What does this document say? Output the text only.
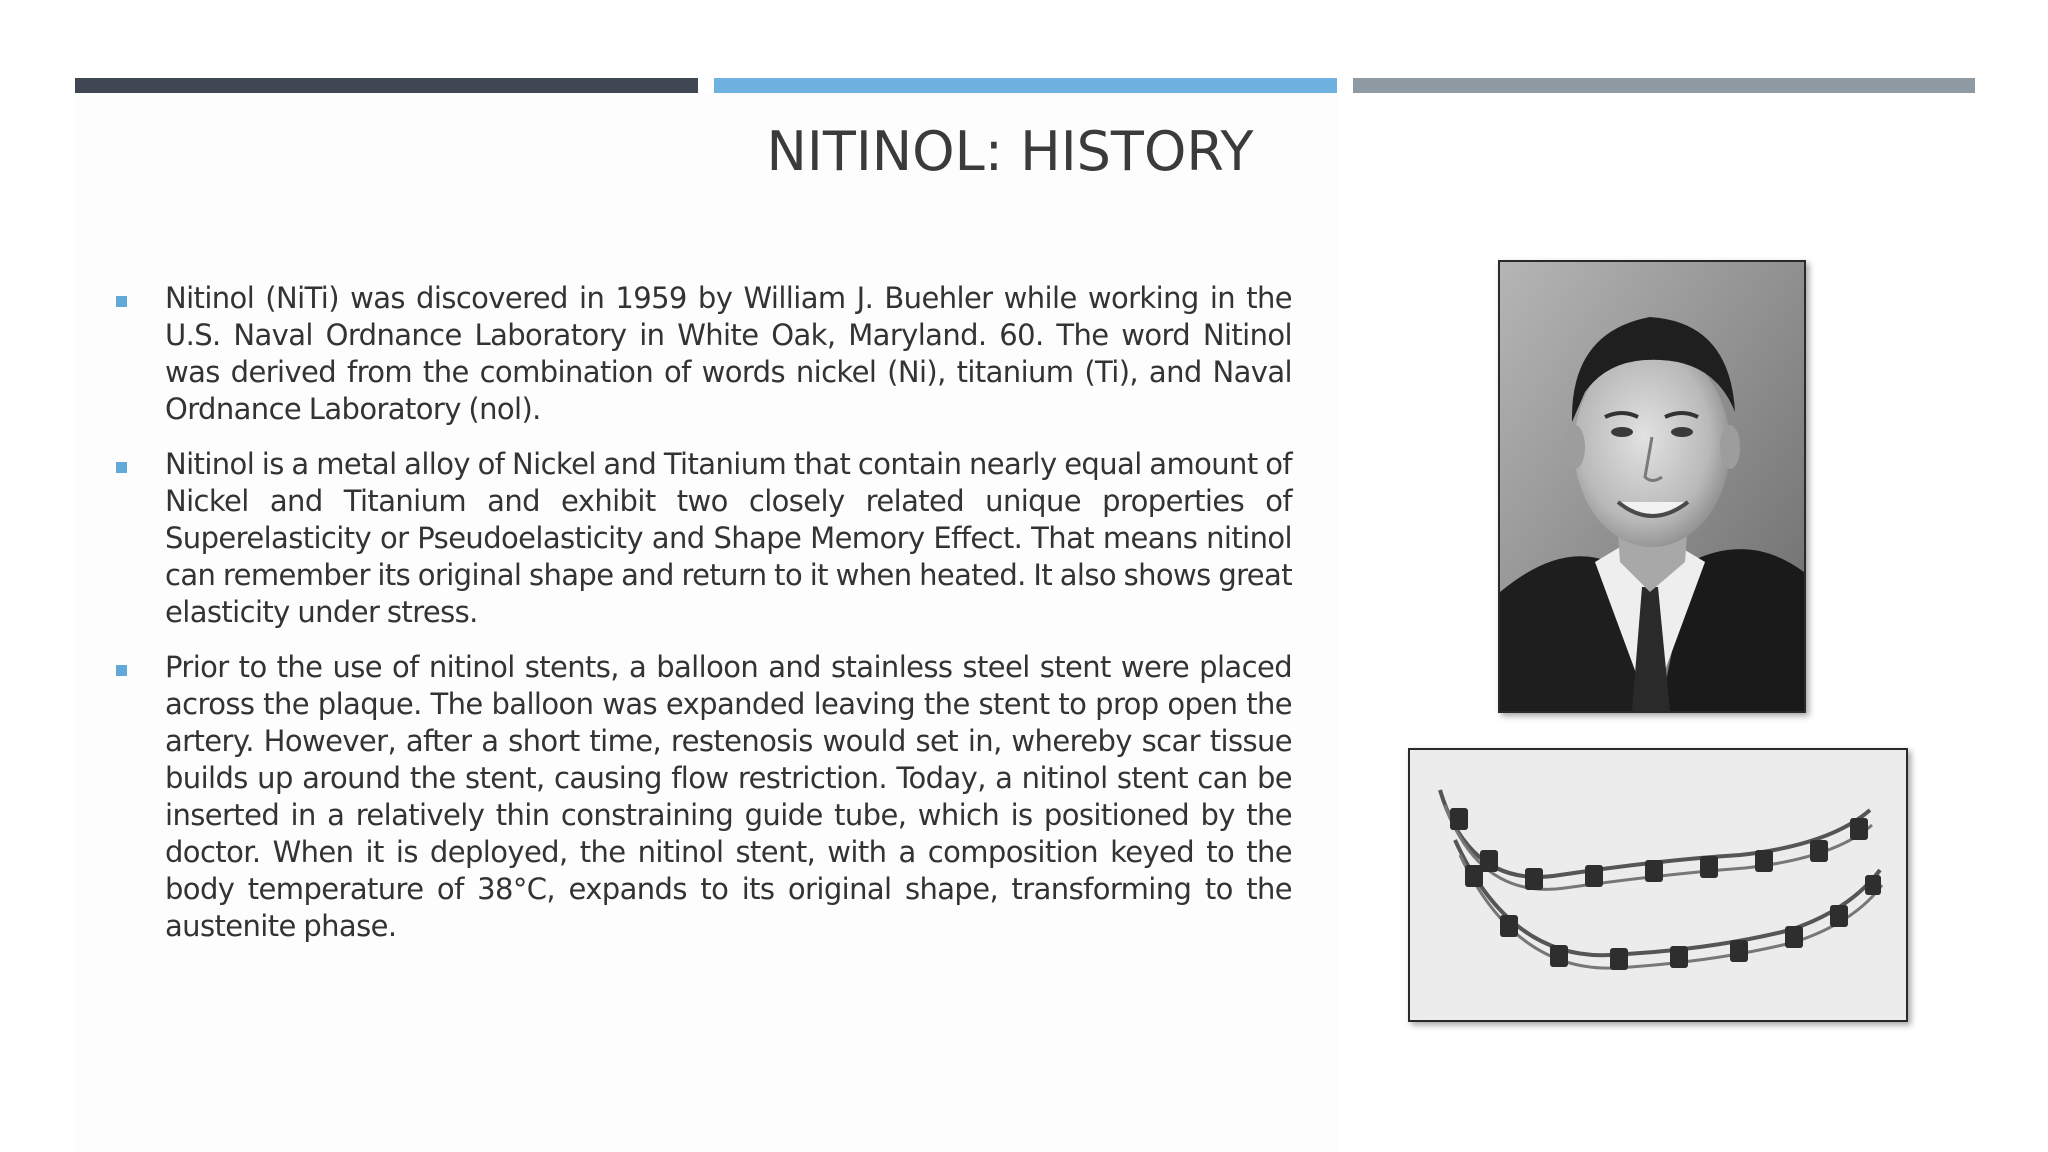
NITINOL: HISTORY
Nitinol (NiTi) was discovered in 1959 by William J. Buehler while working in the U.S. Naval Ordnance Laboratory in White Oak, Maryland. 60. The word Nitinol was derived from the combination of words nickel (Ni), titanium (Ti), and Naval Ordnance Laboratory (nol).
Nitinol is a metal alloy of Nickel and Titanium that contain nearly equal amount of Nickel and Titanium and exhibit two closely related unique properties of Superelasticity or Pseudoelasticity and Shape Memory Effect. That means nitinol can remember its original shape and return to it when heated. It also shows great elasticity under stress.
Prior to the use of nitinol stents, a balloon and stainless steel stent were placed across the plaque. The balloon was expanded leaving the stent to prop open the artery. However, after a short time, restenosis would set in, whereby scar tissue builds up around the stent, causing flow restriction. Today, a nitinol stent can be inserted in a relatively thin constraining guide tube, which is positioned by the doctor. When it is deployed, the nitinol stent, with a composition keyed to the body temperature of 38°C, expands to its original shape, transforming to the austenite phase.
